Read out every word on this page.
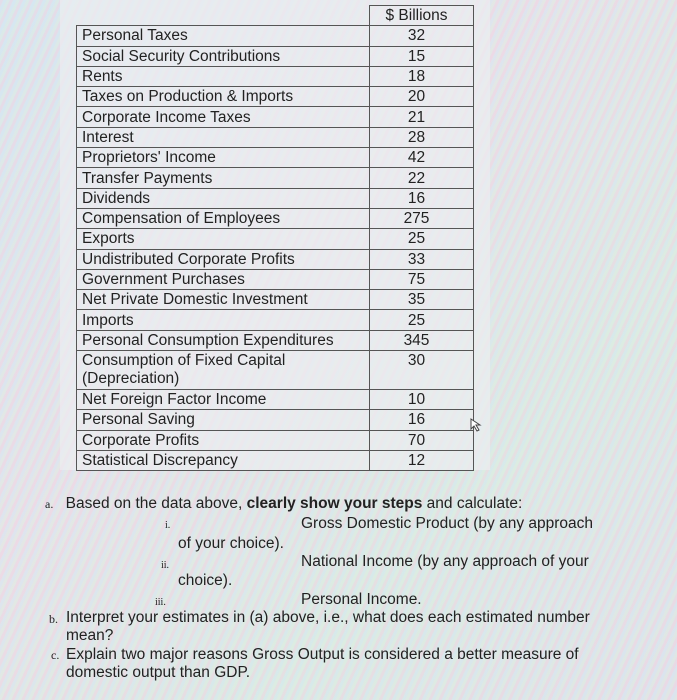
	$ Billions
Personal Taxes	32
Social Security Contributions	15
Rents	18
Taxes on Production & Imports	20
Corporate Income Taxes	21
Interest	28
Proprietors' Income	42
Transfer Payments	22
Dividends	16
Compensation of Employees	275
Exports	25
Undistributed Corporate Profits	33
Government Purchases	75
Net Private Domestic Investment	35
Imports	25
Personal Consumption Expenditures	345
Consumption of Fixed Capital
(Depreciation)	30
Net Foreign Factor Income	10
Personal Saving	16
Corporate Profits	70
Statistical Discrepancy	12
a. Based on the data above, clearly show your steps and calculate:
i.	Gross Domestic Product (by any approach
of your choice).
ii.	National Income (by any approach of your
choice).
iii.	Personal Income.
b. Interpret your estimates in (a) above, i.e., what does each estimated number
mean?
c. Explain two major reasons Gross Output is considered a better measure of
domestic output than GDP.
